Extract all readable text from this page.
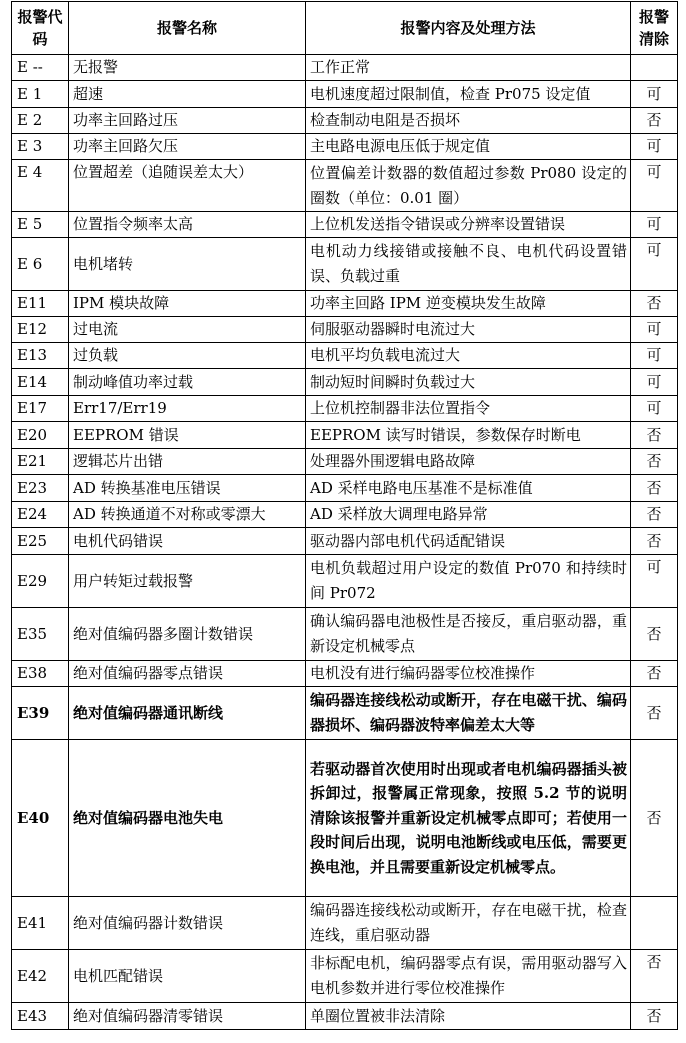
报警代码	报警名称	报警内容及处理方法	报警清除
E --	无报警	工作正常	
E 1	超速	电机速度超过限制值，检查 Pr075 设定值	可
E 2	功率主回路过压	检查制动电阻是否损坏	否
E 3	功率主回路欠压	主电路电源电压低于规定值	可
E 4	位置超差（追随误差太大）	位置偏差计数器的数值超过参数 Pr080 设定的圈数（单位：0.01 圈）	可
E 5	位置指令频率太高	上位机发送指令错误或分辨率设置错误	可
E 6	电机堵转	电机动力线接错或接触不良、电机代码设置错误、负载过重	可
E11	IPM 模块故障	功率主回路 IPM 逆变模块发生故障	否
E12	过电流	伺服驱动器瞬时电流过大	可
E13	过负载	电机平均负载电流过大	可
E14	制动峰值功率过载	制动短时间瞬时负载过大	可
E17	Err17/Err19	上位机控制器非法位置指令	可
E20	EEPROM 错误	EEPROM 读写时错误，参数保存时断电	否
E21	逻辑芯片出错	处理器外围逻辑电路故障	否
E23	AD 转换基准电压错误	AD 采样电路电压基准不是标准值	否
E24	AD 转换通道不对称或零漂大	AD 采样放大调理电路异常	否
E25	电机代码错误	驱动器内部电机代码适配错误	否
E29	用户转矩过载报警	电机负载超过用户设定的数值 Pr070 和持续时间 Pr072	可
E35	绝对值编码器多圈计数错误	确认编码器电池极性是否接反，重启驱动器，重新设定机械零点	否
E38	绝对值编码器零点错误	电机没有进行编码器零位校准操作	否
E39	绝对值编码器通讯断线	编码器连接线松动或断开，存在电磁干扰、编码器损坏、编码器波特率偏差太大等	否
E40	绝对值编码器电池失电	若驱动器首次使用时出现或者电机编码器插头被拆卸过，报警属正常现象，按照 5.2 节的说明清除该报警并重新设定机械零点即可；若使用一段时间后出现，说明电池断线或电压低，需要更换电池，并且需要重新设定机械零点。	否
E41	绝对值编码器计数错误	编码器连接线松动或断开，存在电磁干扰，检查连线，重启驱动器	
E42	电机匹配错误	非标配电机，编码器零点有误，需用驱动器写入电机参数并进行零位校准操作	否
E43	绝对值编码器清零错误	单圈位置被非法清除	否
